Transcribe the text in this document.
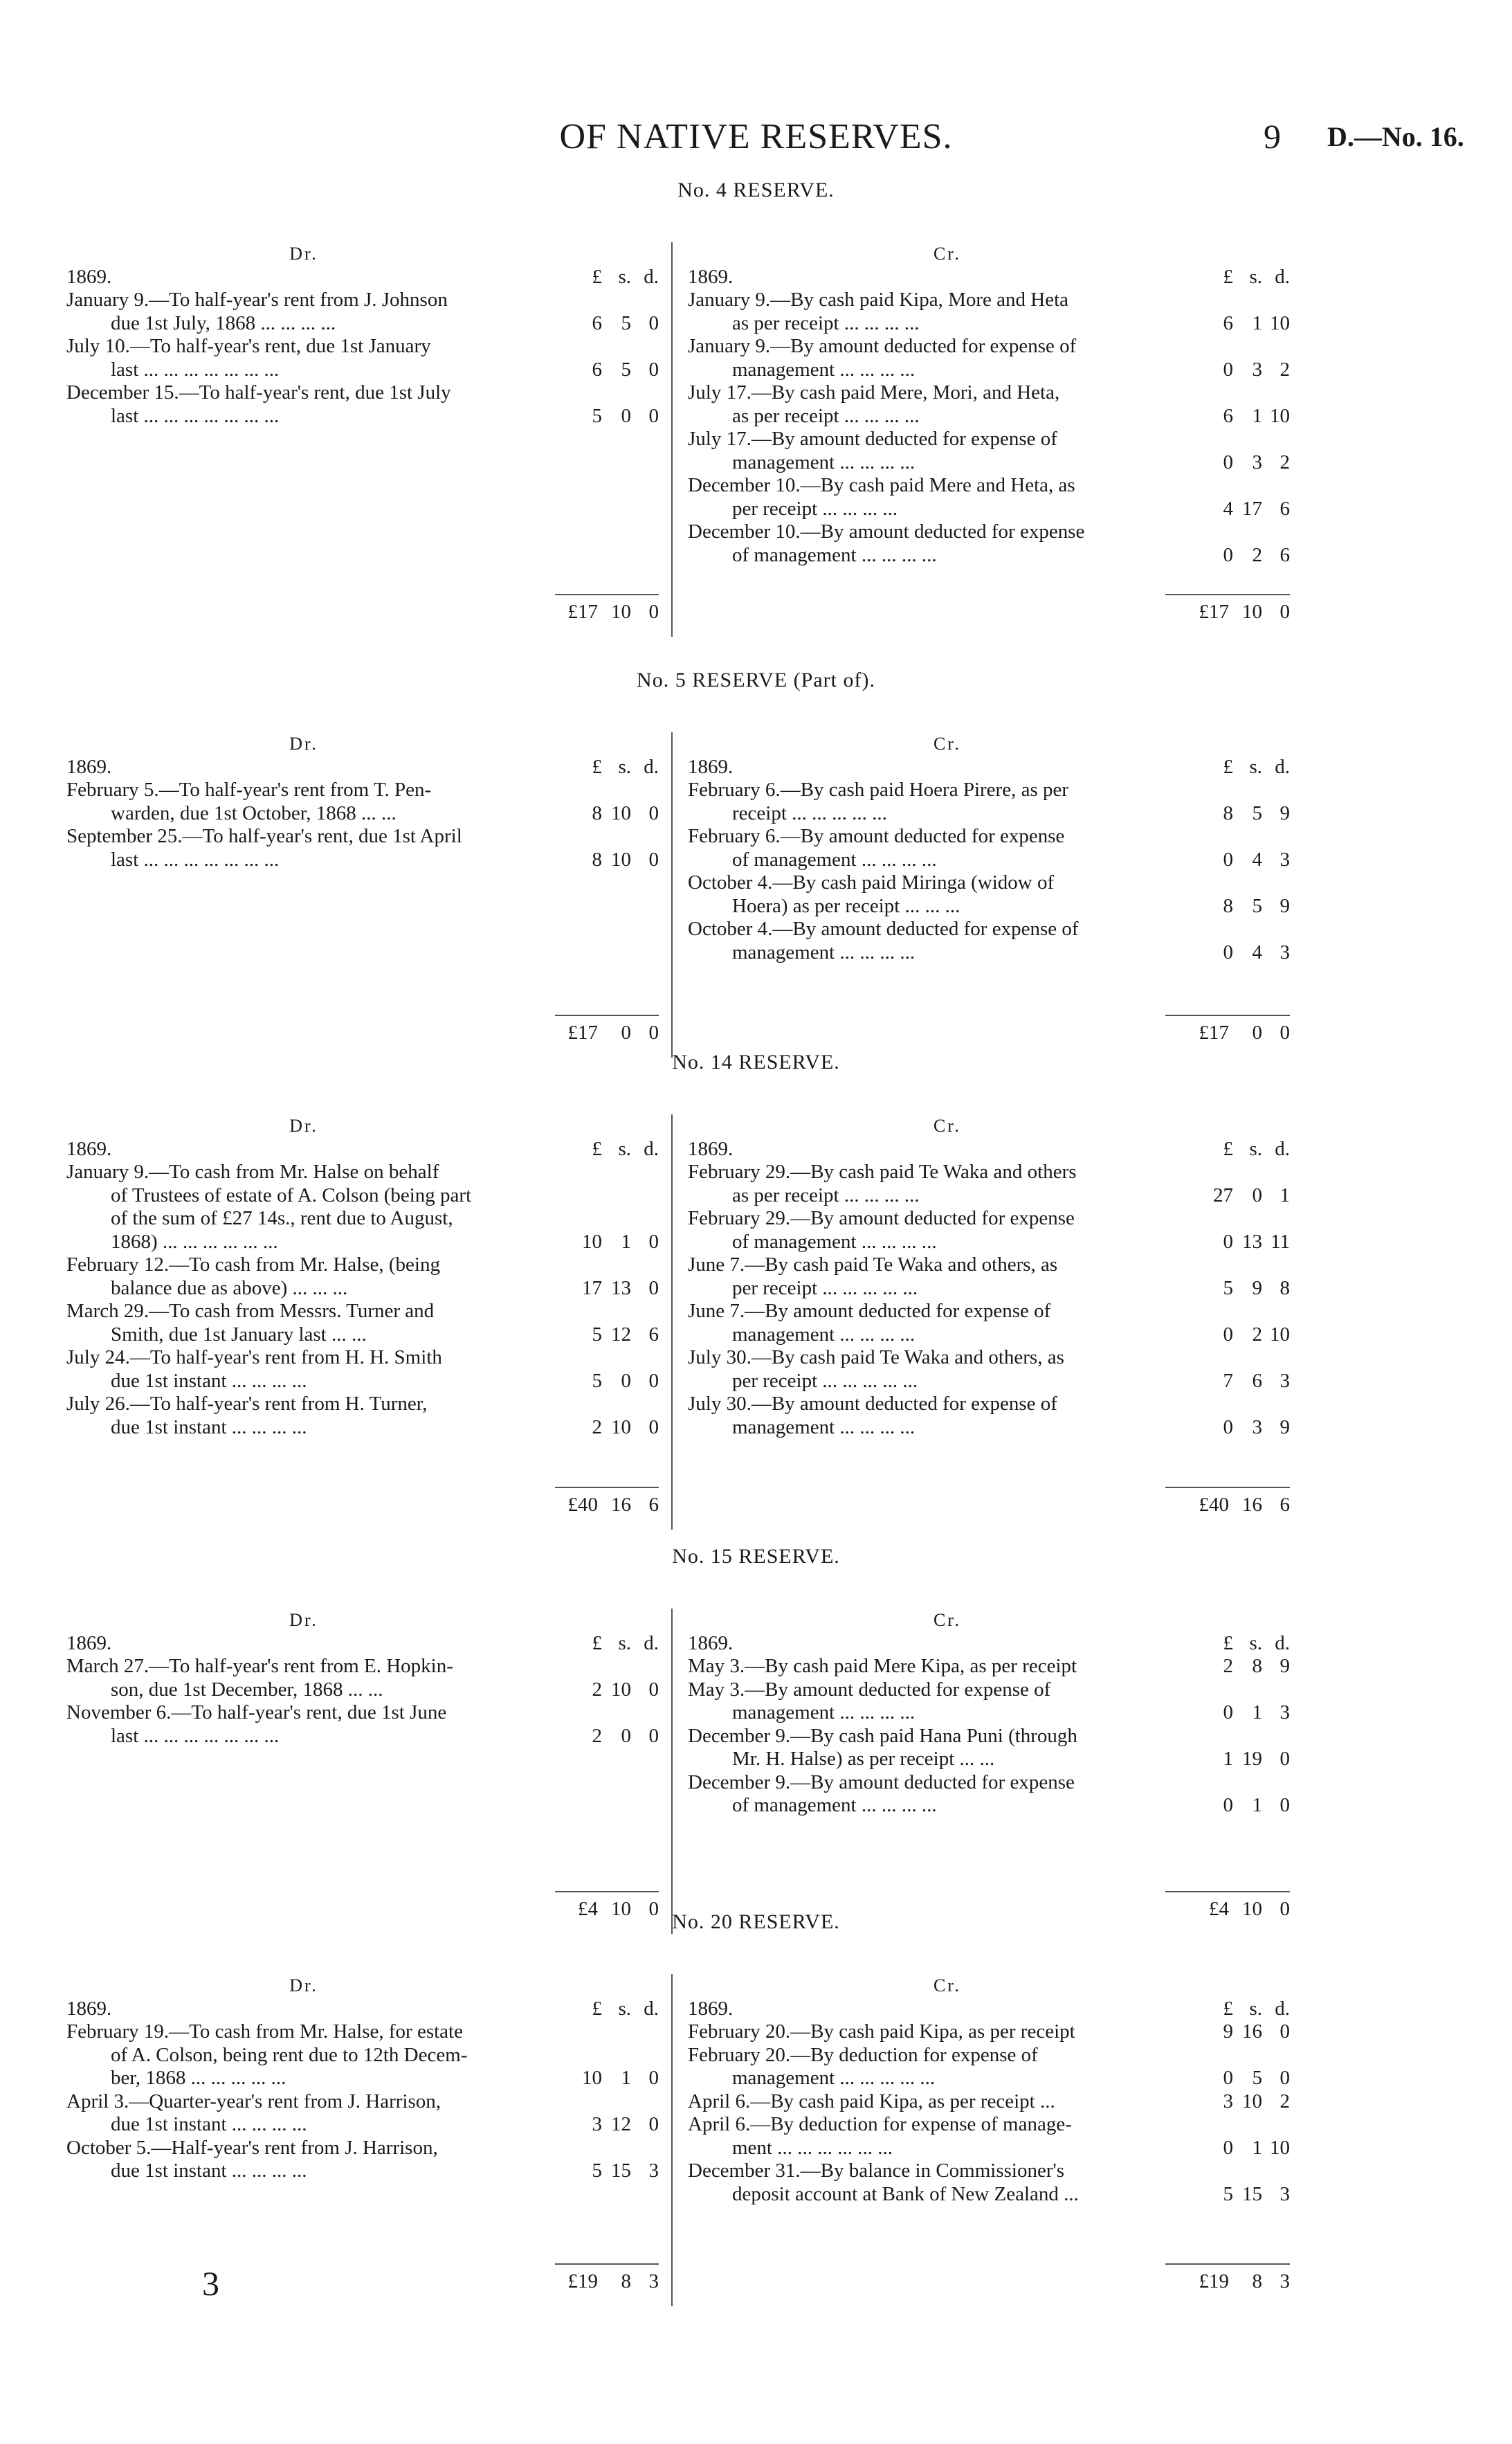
OF NATIVE RESERVES.	9 D.—No. 16.
No. 4 RESERVE.
Dr.
1869.	£ s. d.
January 9.—To half-year's rent from J. Johnson
due 1st July, 1868 ... ... ... ...	6 5 0
July 10.—To half-year's rent, due 1st January
last ... ... ... ... ... ... ...	6 5 0
December 15.—To half-year's rent, due 1st July
last ... ... ... ... ... ... ...	5 0 0
Cr.
1869.	£ s. d.
January 9.—By cash paid Kipa, More and Heta
as per receipt ... ... ... ...	6 1 10
January 9.—By amount deducted for expense of
management ... ... ... ...	0 3 2
July 17.—By cash paid Mere, Mori, and Heta,
as per receipt ... ... ... ...	6 1 10
July 17.—By amount deducted for expense of
management ... ... ... ...	0 3 2
December 10.—By cash paid Mere and Heta, as
per receipt ... ... ... ...	4 17 6
December 10.—By amount deducted for expense
of management ... ... ... ...	0 2 6
£17 10 0	£17 10 0
No. 5 RESERVE (Part of).
Dr.
1869.	£ s. d.
February 5.—To half-year's rent from T. Pen-
warden, due 1st October, 1868 ... ...	8 10 0
September 25.—To half-year's rent, due 1st April
last ... ... ... ... ... ... ...	8 10 0
Cr.
1869.	£ s. d.
February 6.—By cash paid Hoera Pirere, as per
receipt ... ... ... ... ...	8 5 9
February 6.—By amount deducted for expense
of management ... ... ... ...	0 4 3
October 4.—By cash paid Miringa (widow of
Hoera) as per receipt ... ... ...	8 5 9
October 4.—By amount deducted for expense of
management ... ... ... ...	0 4 3
£17	0 0	£17	0 0
No. 14 RESERVE.
Dr.
1869.	£ s. d.
January 9.—To cash from Mr. Halse on behalf
of Trustees of estate of A. Colson (being part
of the sum of £27 14s., rent due to August,
1868) ... ... ... ... ... ...	10 1 0
February 12.—To cash from Mr. Halse, (being
balance due as above) ... ... ...	17 13 0
March 29.—To cash from Messrs. Turner and
Smith, due 1st January last ... ...	5 12 6
July 24.—To half-year's rent from H. H. Smith
due 1st instant ... ... ... ...	5 0 0
July 26.—To half-year's rent from H. Turner,
due 1st instant ... ... ... ...	2 10 0
Cr.
1869.	£ s. d.
February 29.—By cash paid Te Waka and others
as per receipt ... ... ... ...	27 0 1
February 29.—By amount deducted for expense
of management ... ... ... ...	0 13 11
June 7.—By cash paid Te Waka and others, as
per receipt ... ... ... ... ...	5 9 8
June 7.—By amount deducted for expense of
management ... ... ... ...	0 2 10
July 30.—By cash paid Te Waka and others, as
per receipt ... ... ... ... ...	7 6 3
July 30.—By amount deducted for expense of
management ... ... ... ...	0 3 9
£40 16 6	£40 16 6
No. 15 RESERVE.
Dr.
1869.	£ s. d.
March 27.—To half-year's rent from E. Hopkin-
son, due 1st December, 1868 ... ...	2 10 0
November 6.—To half-year's rent, due 1st June
last ... ... ... ... ... ... ...	2 0 0
Cr.
1869.	£ s. d.
May 3.—By cash paid Mere Kipa, as per receipt	2 8 9
May 3.—By amount deducted for expense of
management ... ... ... ...	0 1 3
December 9.—By cash paid Hana Puni (through
Mr. H. Halse) as per receipt ... ...	1 19 0
December 9.—By amount deducted for expense
of management ... ... ... ...	0 1 0
£4 10 0	£4 10 0
No. 20 RESERVE.
Dr.
1869.	£ s. d.
February 19.—To cash from Mr. Halse, for estate
of A. Colson, being rent due to 12th Decem-
ber, 1868 ... ... ... ... ...	10 1 0
April 3.—Quarter-year's rent from J. Harrison,
due 1st instant ... ... ... ...	3 12 0
October 5.—Half-year's rent from J. Harrison,
due 1st instant ... ... ... ...	5 15 3
Cr.
1869.	£ s. d.
February 20.—By cash paid Kipa, as per receipt	9 16 0
February 20.—By deduction for expense of
management ... ... ... ... ...	0 5 0
April 6.—By cash paid Kipa, as per receipt ...	3 10 2
April 6.—By deduction for expense of manage-
ment ... ... ... ... ... ...	0 1 10
December 31.—By balance in Commissioner's
deposit account at Bank of New Zealand ...	5 15 3
£19	8 3	£19	8 3
3
